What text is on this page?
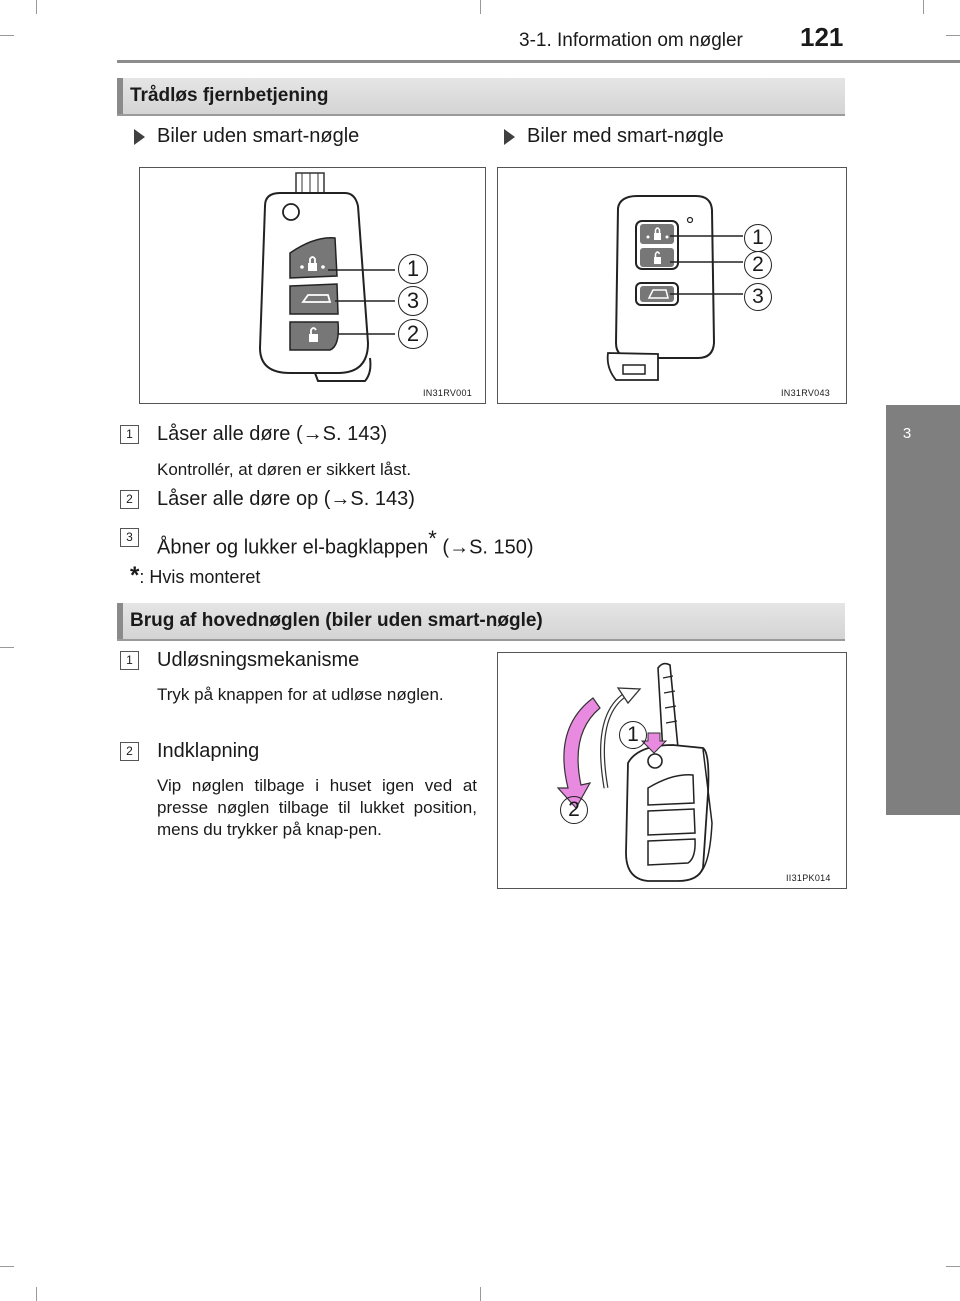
3-1. Information om nøgler 121
3
Betjening af hver enkelt komponent
Trådløs fjernbetjening
Biler uden smart-nøgle	Biler med smart-nøgle
1
3
2
IN31RV001
1
2
3
IN31RV043
1	Låser alle døre (→S. 143)
Kontrollér, at døren er sikkert låst.
2	Låser alle døre op (→S. 143)
3	Åbner og lukker el-bagklappen* (→S. 150)
*: Hvis monteret
Brug af hovednøglen (biler uden smart-nøgle)
1	Udløsningsmekanisme
Tryk på knappen for at udløse nøglen.
2	Indklapning
Vip nøglen tilbage i huset igen ved at presse nøglen tilbage til lukket position, mens du trykker på knap-pen.
1
2
II31PK014
